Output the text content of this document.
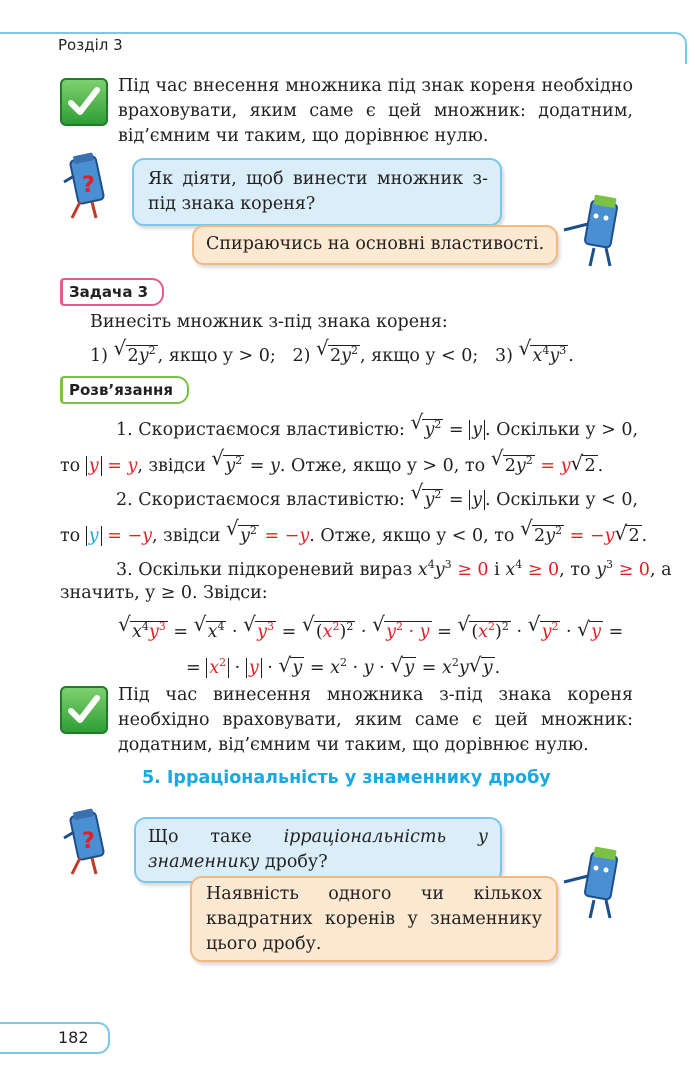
Розділ 3
Під час внесення множника під знак кореня необхідно враховувати, яким саме є цей множник: додатним, від’ємним чи таким, що дорівнює нулю.
?	Як діяти, щоб винести множник з-під знака кореня?
Спираючись на основні властивості.
Задача 3
Винесіть множник з-під знака кореня:
1) √ $2y^2$ , якщо y > 0; 2) √ $2y^2$ , якщо y < 0; 3) √ $x^4y^3$ .
Розв’язання
1. Скористаємося властивістю: √ $y^2 = y$ . Оскільки y > 0,
то y = y, звідси √ $y^2 = y$. Отже, якщо y > 0, то √ $2y^2 = y√$ 2 .
2. Скористаємося властивістю: √ $y^2 = y$ . Оскільки y < 0,
то y = −y, звідси √ $y^2 = -y$. Отже, якщо y < 0, то √ $2y^2 = -y√$ 2 .
3. Оскільки підкореневий вираз $x^4y^3 \ge 0$ і $x^4 \ge 0$, то $y^3 \ge 0$, а
значить, y ≥ 0. Звідси:
√ $x^4y^3$ = √ $x^4$ · √ $y^3$ = √ $(x^2)^2$ · √ $y^2 \cdot y$ = √ $(x^2)^2$ · √ $y^2$ · √ y =
= $x^2 \cdot y$ · √ $y = x^2 \cdot y$ · √ $y = x^2y√$ y .
Під час винесення множника з-під знака кореня необхідно враховувати, яким саме є цей множник: додатним, від’ємним чи таким, що дорівнює нулю.
5. Ірраціональність у знаменнику дробу
?	Що таке ірраціональність у знаменнику дробу?
Наявність одного чи кількох квадратних коренів у знаменнику цього дробу.
182
